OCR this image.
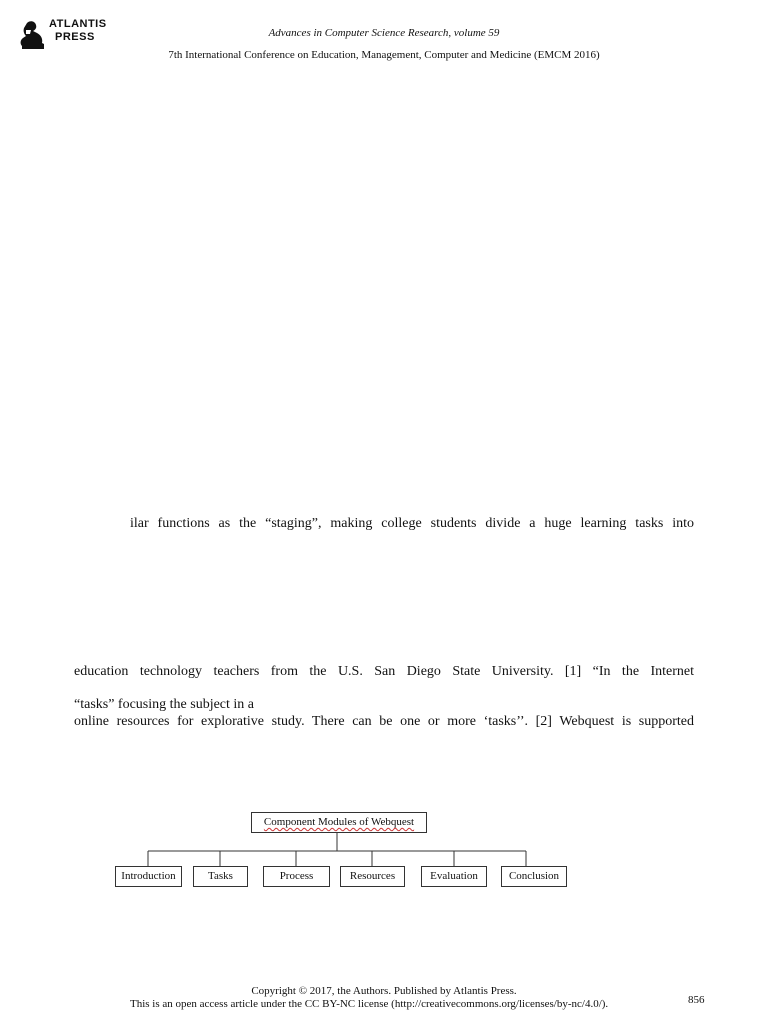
ATLANTIS
PRESS	Advances in Computer Science Research, volume 59
7th International Conference on Education, Management, Computer and Medicine (EMCM 2016)
ilar functions as the “staging”, making college students divide a huge learning tasks into
education technology teachers from the U.S. San Diego State University. [1] “In the Internet
“tasks” focusing the subject in a
online resources for explorative study. There can be one or more ‘tasks’’. [2] Webquest is supported
Component Modules of Webquest
Introduction	Tasks	Process	Resources	Evaluation	Conclusion
Copyright © 2017, the Authors. Published by Atlantis Press.
This is an open access article under the CC BY-NC license (http://creativecommons.org/licenses/by-nc/4.0/).	856
